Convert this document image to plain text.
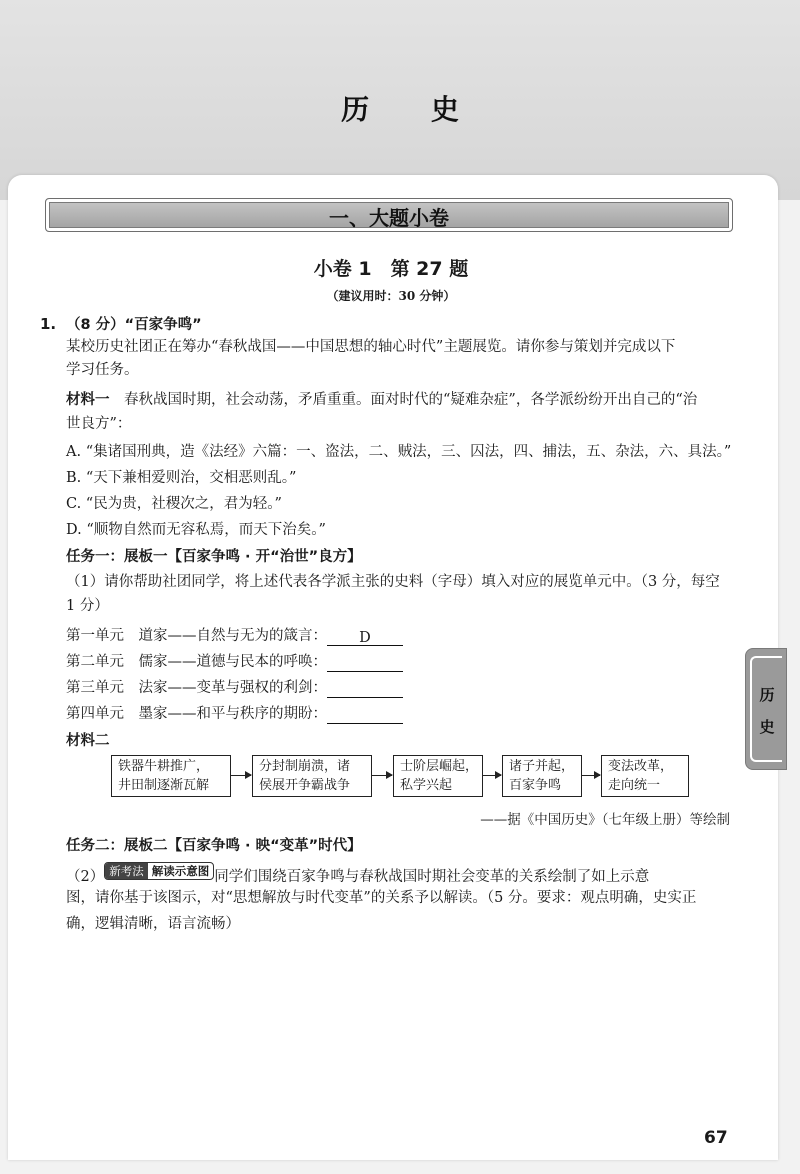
历 史
一、大题小卷
小卷 1　第 27 题
（建议用时：30 分钟）
1. （8 分）“百家争鸣”
某校历史社团正在筹办“春秋战国——中国思想的轴心时代”主题展览。请你参与策划并完成以下
学习任务。
材料一　春秋战国时期，社会动荡，矛盾重重。面对时代的“疑难杂症”，各学派纷纷开出自己的“治
世良方”：
A. “集诸国刑典，造《法经》六篇：一、盗法，二、贼法，三、囚法，四、捕法，五、杂法，六、具法。”
B. “天下兼相爱则治，交相恶则乱。”
C. “民为贵，社稷次之，君为轻。”
D. “顺物自然而无容私焉，而天下治矣。”
任务一：展板一【百家争鸣 · 开“治世”良方】
（1）请你帮助社团同学，将上述代表各学派主张的史料（字母）填入对应的展览单元中。（3 分，每空
1 分）
第一单元　道家——自然与无为的箴言： D
第二单元　儒家——道德与民本的呼唤：
第三单元　法家——变革与强权的利剑：
第四单元　墨家——和平与秩序的期盼：
材料二
铁器牛耕推广，
井田制逐渐瓦解
分封制崩溃，诸
侯展开争霸战争
士阶层崛起，
私学兴起
诸子并起，
百家争鸣
变法改革，
走向统一
——据《中国历史》（七年级上册）等绘制
任务二：展板二【百家争鸣 · 映“变革”时代】
（2） 新考法 解读示意图 同学们围绕百家争鸣与春秋战国时期社会变革的关系绘制了如上示意
图，请你基于该图示，对“思想解放与时代变革”的关系予以解读。（5 分。要求：观点明确，史实正
确，逻辑清晰，语言流畅）
历
史
67
